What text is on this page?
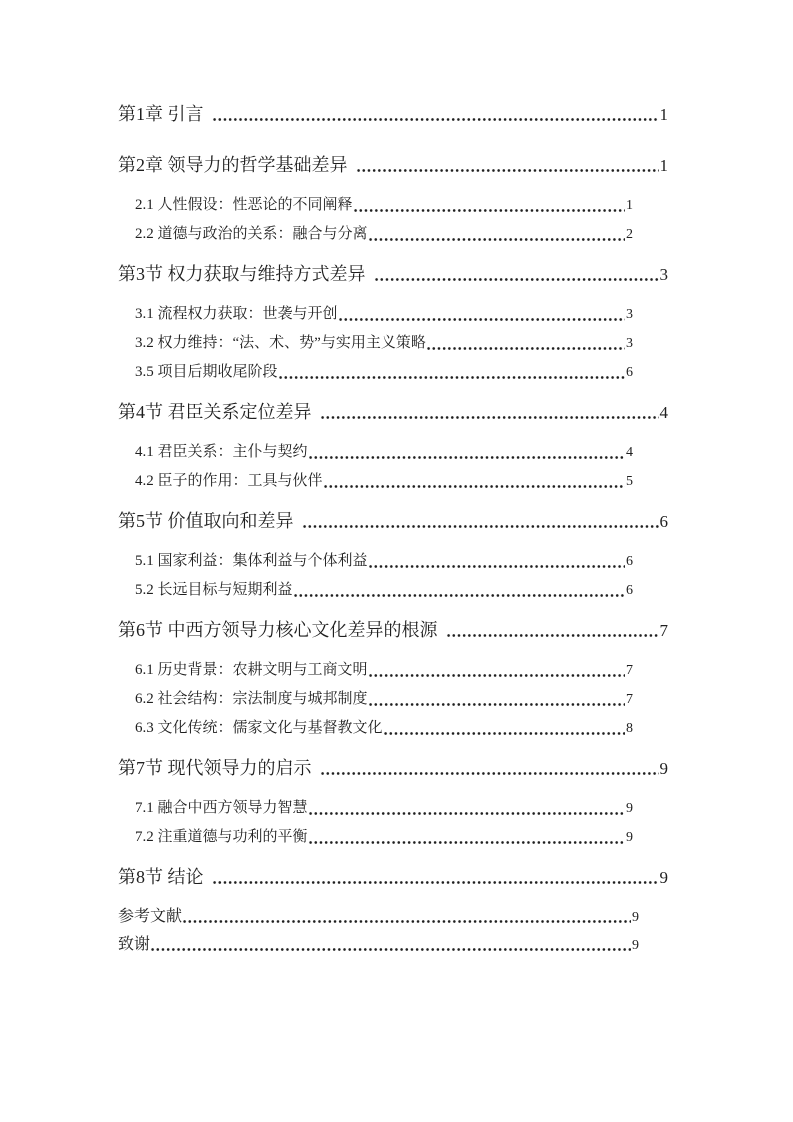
第1章 引言	1
第2章 领导力的哲学基础差异	1
2.1 人性假设：性恶论的不同阐释	1
2.2 道德与政治的关系：融合与分离	2
第3节 权力获取与维持方式差异	3
3.1 流程权力获取：世袭与开创	3
3.2 权力维持：“法、术、势”与实用主义策略	3
3.5 项目后期收尾阶段	6
第4节 君臣关系定位差异	4
4.1 君臣关系：主仆与契约	4
4.2 臣子的作用：工具与伙伴	5
第5节 价值取向和差异	6
5.1 国家利益：集体利益与个体利益	6
5.2 长远目标与短期利益	6
第6节 中西方领导力核心文化差异的根源	7
6.1 历史背景：农耕文明与工商文明	7
6.2 社会结构：宗法制度与城邦制度	7
6.3 文化传统：儒家文化与基督教文化	8
第7节 现代领导力的启示	9
7.1 融合中西方领导力智慧	9
7.2 注重道德与功利的平衡	9
第8节 结论	9
参考文献	9
致谢	9
